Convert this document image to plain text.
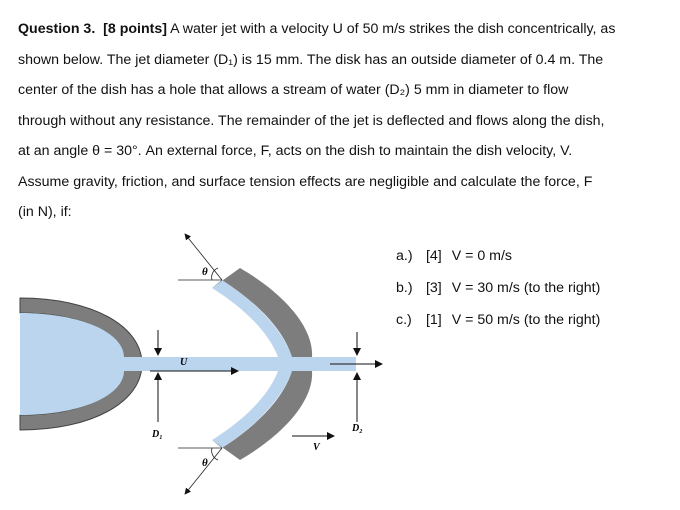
Question 3. [8 points] A water jet with a velocity U of 50 m/s strikes the dish concentrically, as
shown below. The jet diameter (D₁) is 15 mm. The disk has an outside diameter of 0.4 m. The
center of the dish has a hole that allows a stream of water (D₂) 5 mm in diameter to flow
through without any resistance. The remainder of the jet is deflected and flows along the dish,
at an angle θ = 30°. An external force, F, acts on the dish to maintain the dish velocity, V.
Assume gravity, friction, and surface tension effects are negligible and calculate the force, F
(in N), if:
θ
θ
U
D₁
D₂
V
a.) [4] V = 0 m/s
b.) [3] V = 30 m/s (to the right)
c.) [1] V = 50 m/s (to the right)
